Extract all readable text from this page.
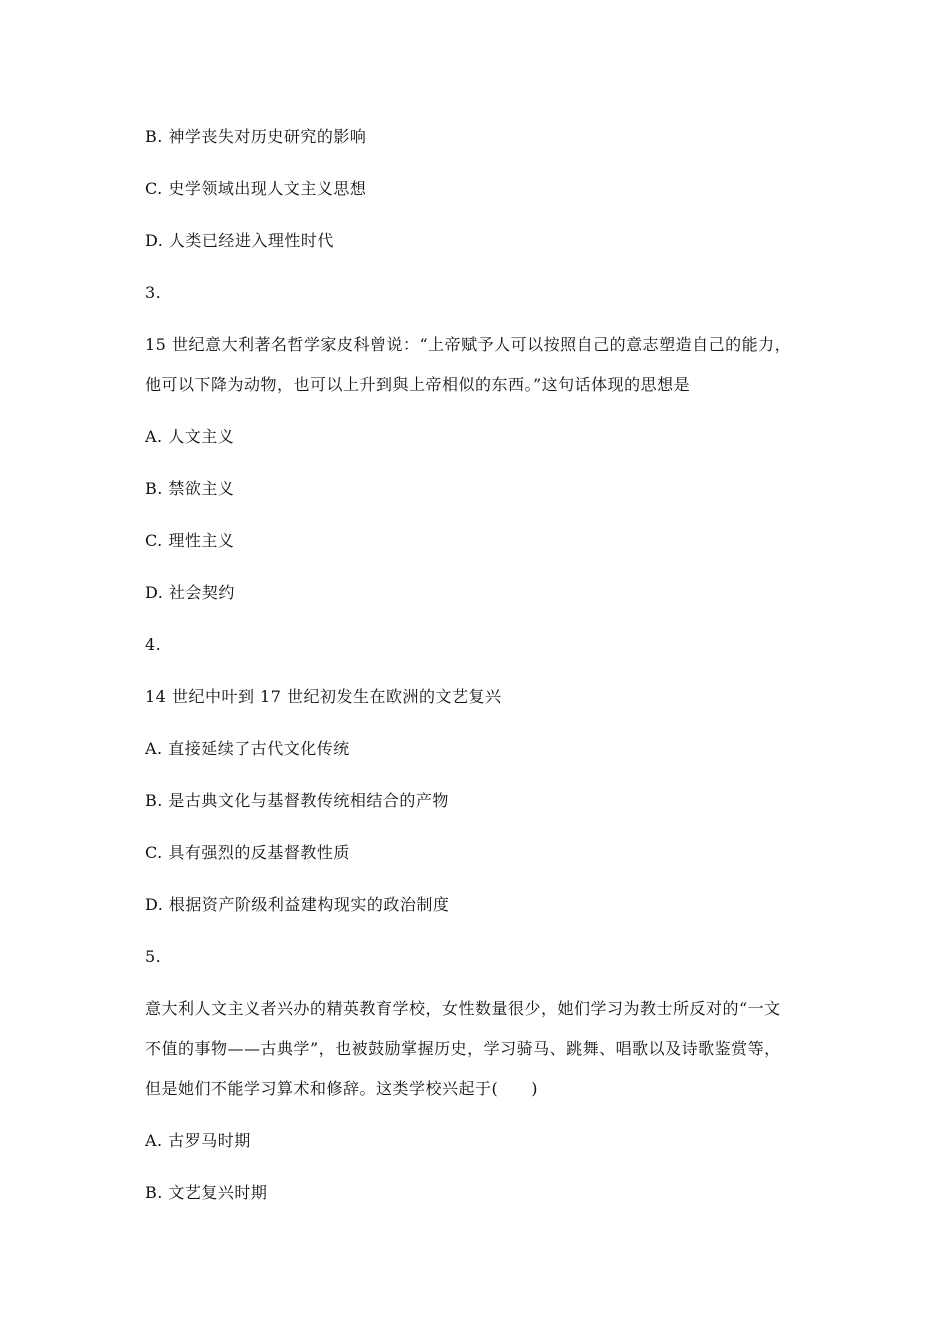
B. 神学丧失对历史研究的影响
C. 史学领域出现人文主义思想
D. 人类已经进入理性时代
3.
15 世纪意大利著名哲学家皮科曾说：“上帝赋予人可以按照自己的意志塑造自己的能力，
他可以下降为动物，也可以上升到與上帝相似的东西。”这句话体现的思想是
A. 人文主义
B. 禁欲主义
C. 理性主义
D. 社会契约
4.
14 世纪中叶到 17 世纪初发生在欧洲的文艺复兴
A. 直接延续了古代文化传统
B. 是古典文化与基督教传统相结合的产物
C. 具有强烈的反基督教性质
D. 根据资产阶级利益建构现实的政治制度
5.
意大利人文主义者兴办的精英教育学校，女性数量很少，她们学习为教士所反对的“一文
不值的事物——古典学”，也被鼓励掌握历史，学习骑马、跳舞、唱歌以及诗歌鉴赏等，
但是她们不能学习算术和修辞。这类学校兴起于(　　)
A. 古罗马时期
B. 文艺复兴时期
